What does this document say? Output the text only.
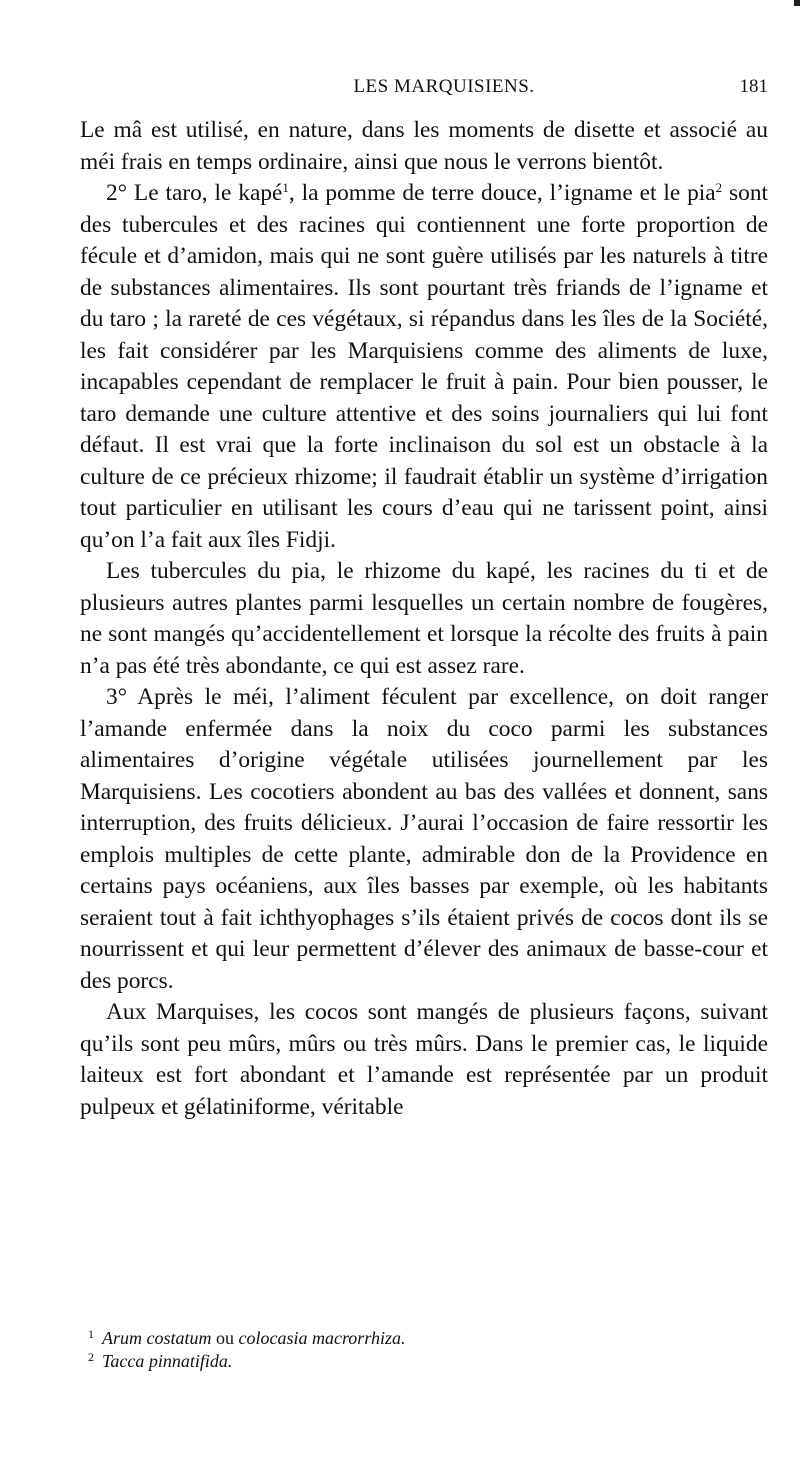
LES MARQUISIENS.	181

Le mâ est utilisé, en nature, dans les moments de disette et associé au méi frais en temps ordinaire, ainsi que nous le verrons bientôt.

2° Le taro, le kapé$^1$, la pomme de terre douce, l’igname et le pia$^2$ sont des tubercules et des racines qui contiennent une forte proportion de fécule et d’amidon, mais qui ne sont guère utilisés par les naturels à titre de substances alimentaires. Ils sont pourtant très friands de l’igname et du taro ; la rareté de ces végétaux, si répandus dans les îles de la Société, les fait considérer par les Marquisiens comme des aliments de luxe, incapables cependant de remplacer le fruit à pain. Pour bien pousser, le taro demande une culture attentive et des soins journaliers qui lui font défaut. Il est vrai que la forte inclinaison du sol est un obstacle à la culture de ce précieux rhizome; il faudrait établir un système d’irrigation tout particulier en utilisant les cours d’eau qui ne tarissent point, ainsi qu’on l’a fait aux îles Fidji.

Les tubercules du pia, le rhizome du kapé, les racines du ti et de plusieurs autres plantes parmi lesquelles un certain nombre de fougères, ne sont mangés qu’accidentellement et lorsque la récolte des fruits à pain n’a pas été très abondante, ce qui est assez rare.

3° Après le méi, l’aliment féculent par excellence, on doit ranger l’amande enfermée dans la noix du coco parmi les substances alimentaires d’origine végétale utilisées journellement par les Marquisiens. Les cocotiers abondent au bas des vallées et donnent, sans interruption, des fruits délicieux. J’aurai l’occasion de faire ressortir les emplois multiples de cette plante, admirable don de la Providence en certains pays océaniens, aux îles basses par exemple, où les habitants seraient tout à fait ichthyophages s’ils étaient privés de cocos dont ils se nourrissent et qui leur permettent d’élever des animaux de basse-cour et des porcs.

Aux Marquises, les cocos sont mangés de plusieurs façons, suivant qu’ils sont peu mûrs, mûrs ou très mûrs. Dans le premier cas, le liquide laiteux est fort abondant et l’amande est représentée par un produit pulpeux et gélatiniforme, véritable

$^1$ Arum costatum ou colocasia macrorrhiza.
$^2$ Tacca pinnatifida.
